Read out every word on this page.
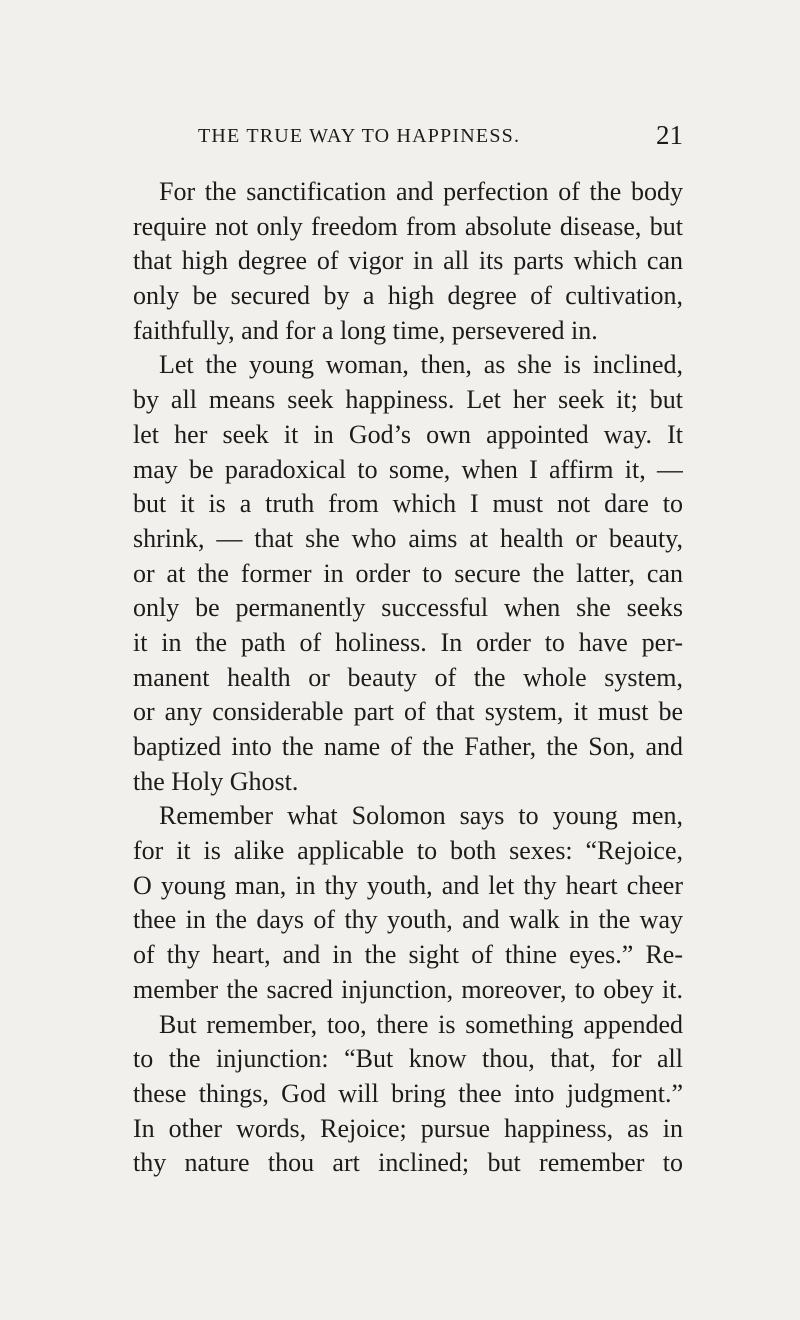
THE TRUE WAY TO HAPPINESS.	21
For the sanctification and perfection of the body
require not only freedom from absolute disease, but
that high degree of vigor in all its parts which can
only be secured by a high degree of cultivation,
faithfully, and for a long time, persevered in.
Let the young woman, then, as she is inclined,
by all means seek happiness. Let her seek it; but
let her seek it in God’s own appointed way. It
may be paradoxical to some, when I affirm it, —
but it is a truth from which I must not dare to
shrink, — that she who aims at health or beauty,
or at the former in order to secure the latter, can
only be permanently successful when she seeks
it in the path of holiness. In order to have per-
manent health or beauty of the whole system,
or any considerable part of that system, it must be
baptized into the name of the Father, the Son, and
the Holy Ghost.
Remember what Solomon says to young men,
for it is alike applicable to both sexes: “Rejoice,
O young man, in thy youth, and let thy heart cheer
thee in the days of thy youth, and walk in the way
of thy heart, and in the sight of thine eyes.” Re-
member the sacred injunction, moreover, to obey it.
But remember, too, there is something appended
to the injunction: “But know thou, that, for all
these things, God will bring thee into judgment.”
In other words, Rejoice; pursue happiness, as in
thy nature thou art inclined; but remember to
